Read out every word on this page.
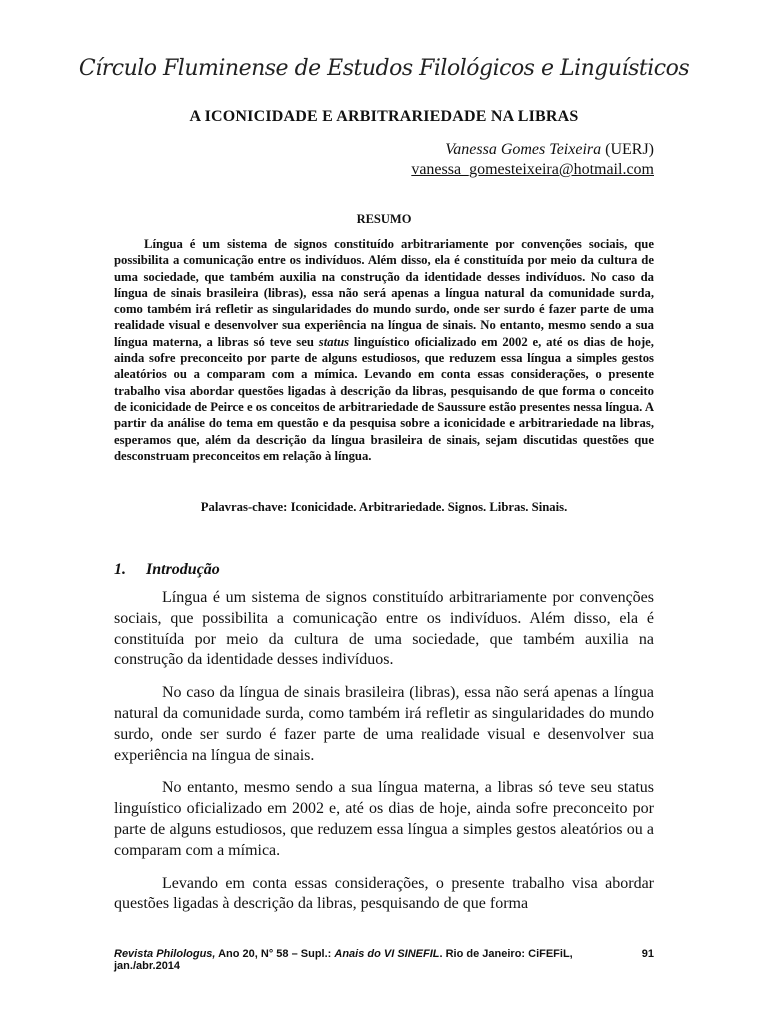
Círculo Fluminense de Estudos Filológicos e Linguísticos
A ICONICIDADE E ARBITRARIEDADE NA LIBRAS
Vanessa Gomes Teixeira (UERJ)
vanessa_gomesteixeira@hotmail.com
RESUMO

Língua é um sistema de signos constituído arbitrariamente por convenções sociais, que possibilita a comunicação entre os indivíduos. Além disso, ela é constituída por meio da cultura de uma sociedade, que também auxilia na construção da identidade desses indivíduos. No caso da língua de sinais brasileira (libras), essa não será apenas a língua natural da comunidade surda, como também irá refletir as singularidades do mundo surdo, onde ser surdo é fazer parte de uma realidade visual e desenvolver sua experiência na língua de sinais. No entanto, mesmo sendo a sua língua materna, a libras só teve seu status linguístico oficializado em 2002 e, até os dias de hoje, ainda sofre preconceito por parte de alguns estudiosos, que reduzem essa língua a simples gestos aleatórios ou a comparam com a mímica. Levando em conta essas considerações, o presente trabalho visa abordar questões ligadas à descrição da libras, pesquisando de que forma o conceito de iconicidade de Peirce e os conceitos de arbitrariedade de Saussure estão presentes nessa língua. A partir da análise do tema em questão e da pesquisa sobre a iconicidade e arbitrariedade na libras, esperamos que, além da descrição da língua brasileira de sinais, sejam discutidas questões que desconstruam preconceitos em relação à língua.

Palavras-chave: Iconicidade. Arbitrariedade. Signos. Libras. Sinais.
1. Introdução

Língua é um sistema de signos constituído arbitrariamente por convenções sociais, que possibilita a comunicação entre os indivíduos. Além disso, ela é constituída por meio da cultura de uma sociedade, que também auxilia na construção da identidade desses indivíduos.

No caso da língua de sinais brasileira (libras), essa não será apenas a língua natural da comunidade surda, como também irá refletir as singularidades do mundo surdo, onde ser surdo é fazer parte de uma realidade visual e desenvolver sua experiência na língua de sinais.

No entanto, mesmo sendo a sua língua materna, a libras só teve seu status linguístico oficializado em 2002 e, até os dias de hoje, ainda sofre preconceito por parte de alguns estudiosos, que reduzem essa língua a simples gestos aleatórios ou a comparam com a mímica.

Levando em conta essas considerações, o presente trabalho visa abordar questões ligadas à descrição da libras, pesquisando de que forma

Revista Philologus, Ano 20, N° 58 – Supl.: Anais do VI SINEFIL. Rio de Janeiro: CiFEFiL, jan./abr.2014
91
